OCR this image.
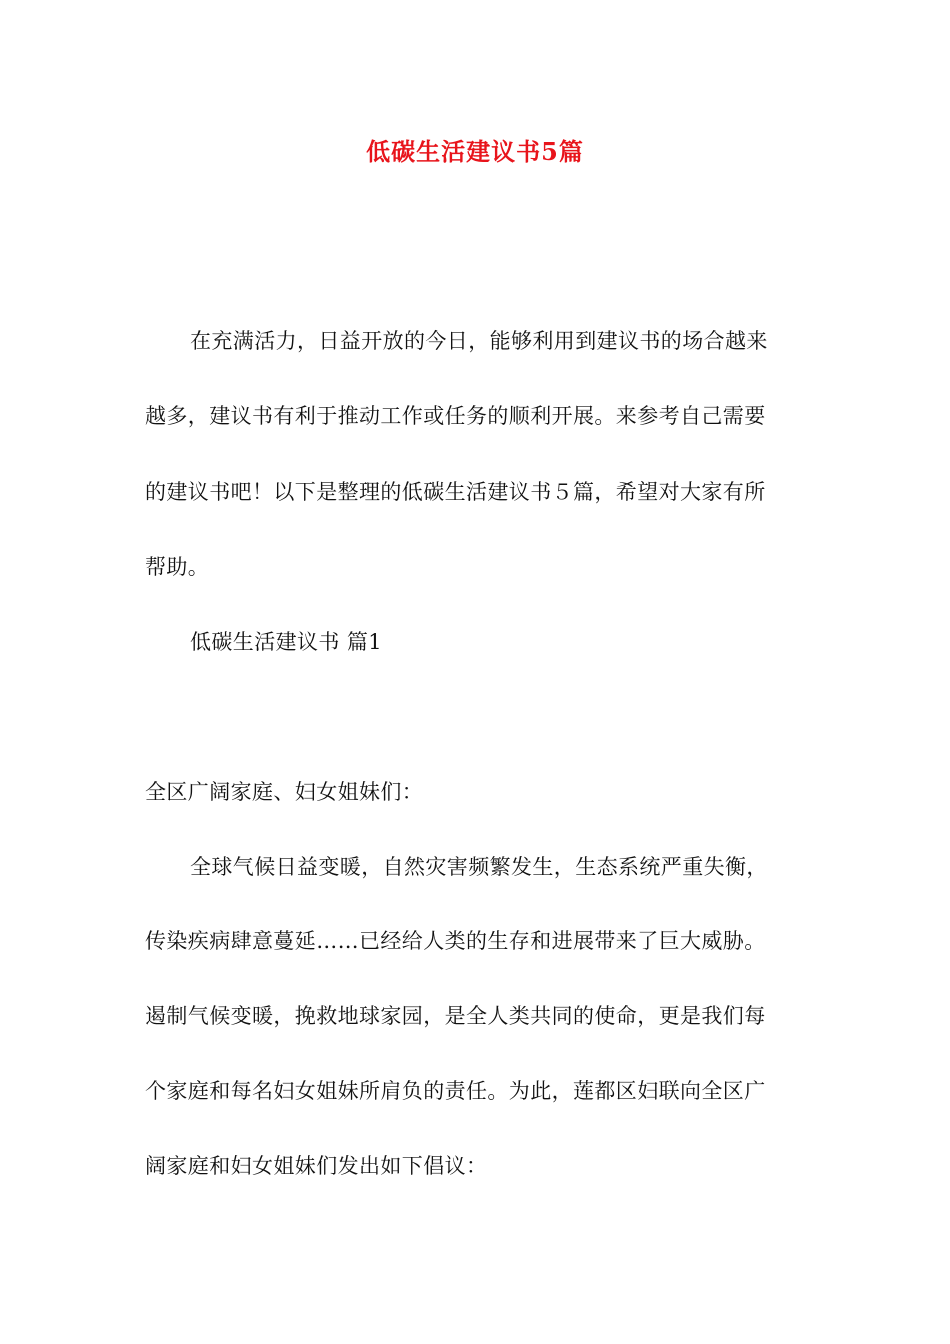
低碳生活建议书5篇
在充满活力，日益开放的今日，能够利用到建议书的场合越来
越多，建议书有利于推动工作或任务的顺利开展。来参考自己需要
的建议书吧！以下是整理的低碳生活建议书５篇，希望对大家有所
帮助。
低碳生活建议书 篇1
全区广阔家庭、妇女姐妹们：
全球气候日益变暖，自然灾害频繁发生，生态系统严重失衡，
传染疾病肆意蔓延……已经给人类的生存和进展带来了巨大威胁。
遏制气候变暖，挽救地球家园，是全人类共同的使命，更是我们每
个家庭和每名妇女姐妹所肩负的责任。为此，莲都区妇联向全区广
阔家庭和妇女姐妹们发出如下倡议：
